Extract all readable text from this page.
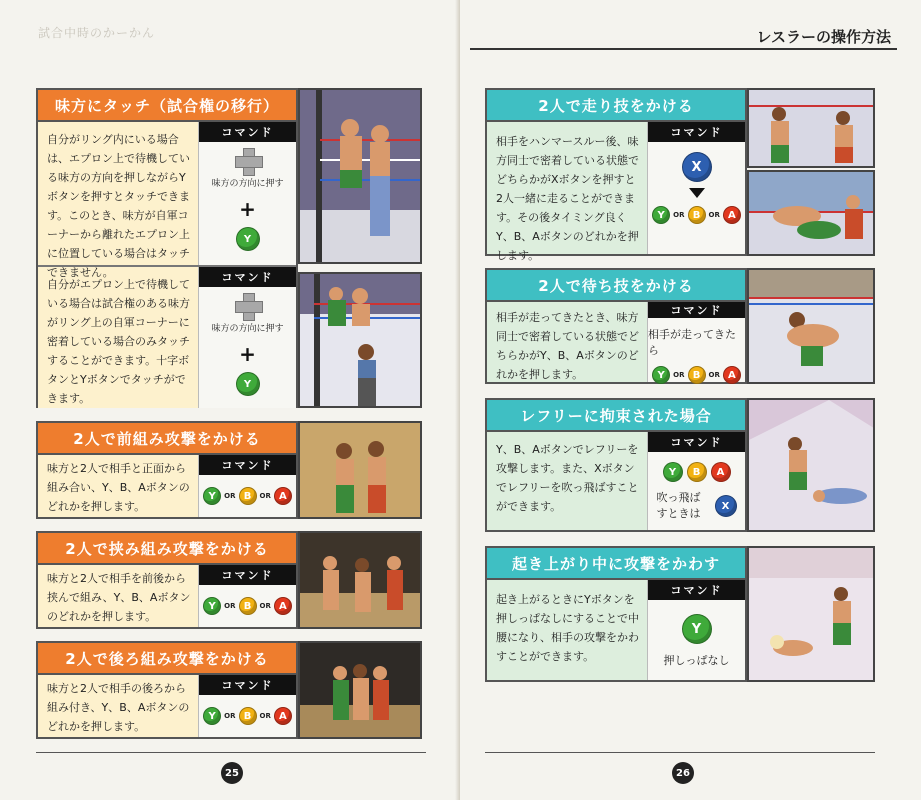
試合中時のかーかん
味方にタッチ（試合権の移行）
自分がリング内にいる場合は、エプロン上で待機している味方の方向を押しながらYボタンを押すとタッチできます。このとき、味方が自軍コーナーから離れたエプロン上に位置している場合はタッチできません。
コマンド
味方の方向に押す
+
Y
自分がエプロン上で待機している場合は試合権のある味方がリング上の自軍コーナーに密着している場合のみタッチすることができます。十字ボタンとYボタンでタッチができます。
コマンド
味方の方向に押す
+
Y
2人で前組み攻撃をかける
味方と2人で相手と正面から組み合い、Y、B、Aボタンのどれかを押します。
コマンド
Y	OR B	OR A
2人で挟み組み攻撃をかける
味方と2人で相手を前後から挟んで組み、Y、B、Aボタンのどれかを押します。
コマンド
Y	OR B	OR A
2人で後ろ組み攻撃をかける
味方と2人で相手の後ろから組み付き、Y、B、Aボタンのどれかを押します。
コマンド
Y	OR B	OR A
25
レスラーの操作方法
2人で走り技をかける
相手をハンマースルー後、味方同士で密着している状態でどちらかがXボタンを押すと2人一緒に走ることができます。その後タイミング良くY、B、Aボタンのどれかを押します。
コマンド
X
Y	OR B	OR A
2人で待ち技をかける
相手が走ってきたとき、味方同士で密着している状態でどちらかがY、B、Aボタンのどれかを押します。
コマンド
相手が走ってきたら
Y	OR B	OR A
レフリーに拘束された場合
Y、B、Aボタンでレフリーを攻撃します。また、Xボタンでレフリーを吹っ飛ばすことができます。
コマンド
Y	B	A
吹っ飛ばすときは
X
起き上がり中に攻撃をかわす
起き上がるときにYボタンを押しっぱなしにすることで中腰になり、相手の攻撃をかわすことができます。
コマンド
Y
押しっぱなし
26
